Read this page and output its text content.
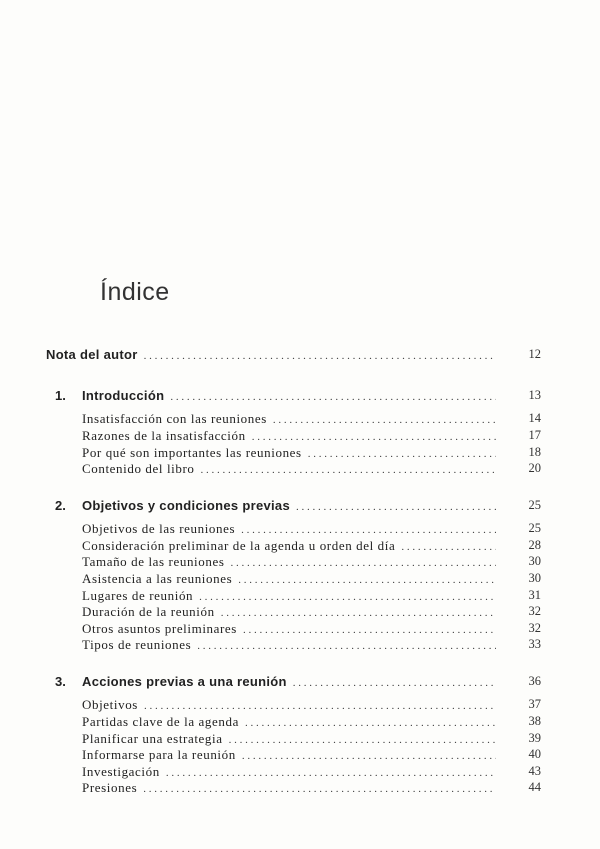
Índice
Nota del autor . . .	12
1. Introducción . . .	13
Insatisfacción con las reuniones . . .	14
Razones de la insatisfacción . . .	17
Por qué son importantes las reuniones . . .	18
Contenido del libro . . .	20
2. Objetivos y condiciones previas . . .	25
Objetivos de las reuniones . . .	25
Consideración preliminar de la agenda u orden del día . . .	28
Tamaño de las reuniones . . .	30
Asistencia a las reuniones . . .	30
Lugares de reunión . . .	31
Duración de la reunión . . .	32
Otros asuntos preliminares . . .	32
Tipos de reuniones . . .	33
3. Acciones previas a una reunión . . .	36
Objetivos . . .	37
Partidas clave de la agenda . . .	38
Planificar una estrategia . . .	39
Informarse para la reunión . . .	40
Investigación . . .	43
Presiones . . .	44
